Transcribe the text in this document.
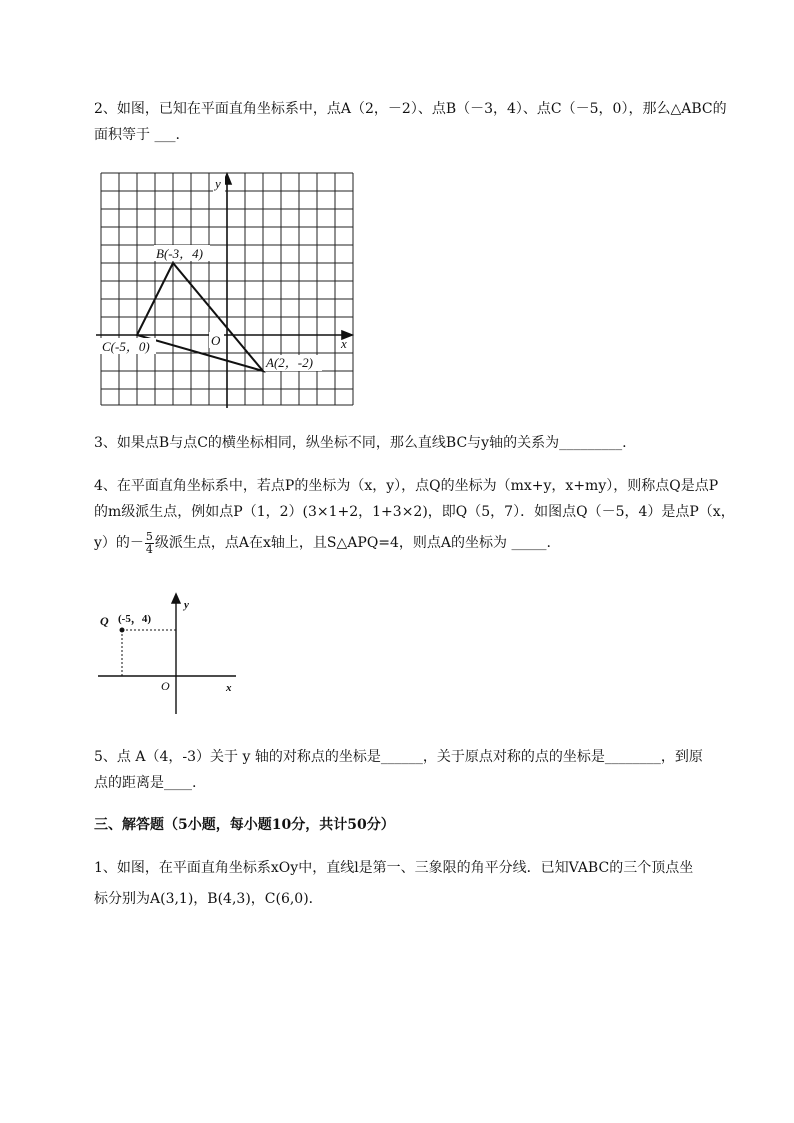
2、如图，已知在平面直角坐标系中，点A（2，－2）、点B（－3，4）、点C（－5，0），那么△ABC的
面积等于 ___.
B(-3，4)
C(-5，0)
A(2，-2)
O	x
y
3、如果点B与点C的横坐标相同，纵坐标不同，那么直线BC与y轴的关系为_________.
4、在平面直角坐标系中，若点P的坐标为（x，y），点Q的坐标为（mx+y，x+my），则称点Q是点P
的m级派生点，例如点P（1，2）(3×1+2，1+3×2)，即Q（5，7）．如图点Q（－5，4）是点P（x，
y）的－ $\frac{5}{4}$ 级派生点，点A在x轴上，且S△APQ=4，则点A的坐标为 _____.
Q (-5，4)
O	x
y
5、点 A（4，-3）关于 y 轴的对称点的坐标是______，关于原点对称的点的坐标是________，到原
点的距离是____.
三、解答题（5小题，每小题10分，共计50分）
1、如图，在平面直角坐标系xOy中，直线l是第一、三象限的角平分线．已知VABC的三个顶点坐
标分别为A(3,1)，B(4,3)，C(6,0)．
